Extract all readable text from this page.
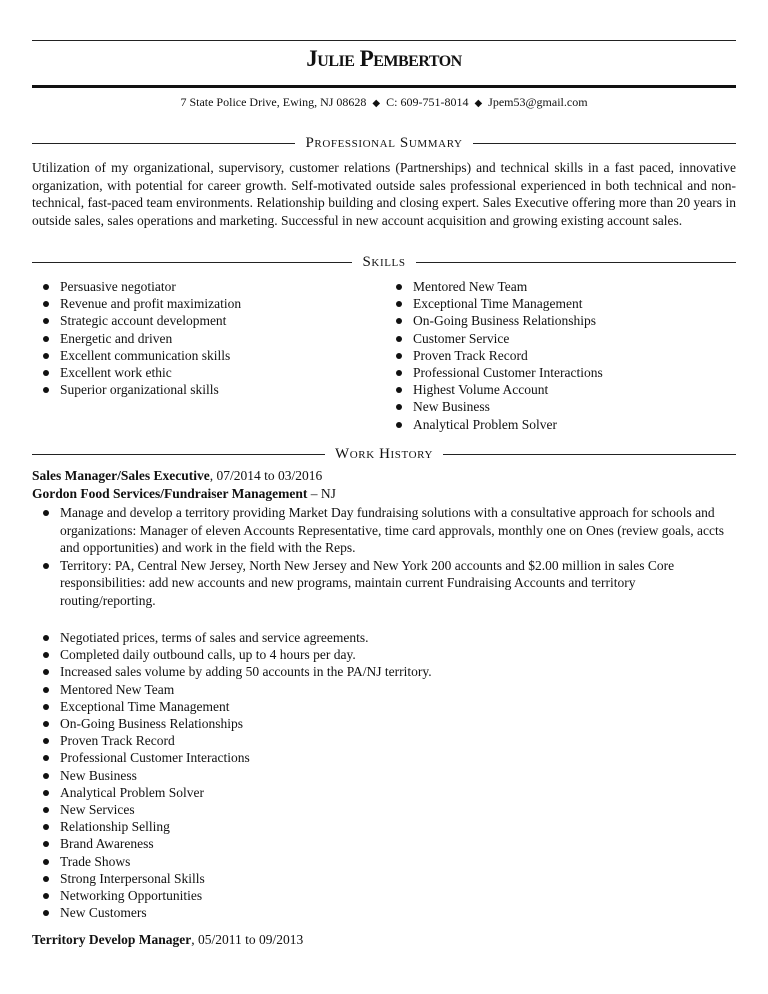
Julie Pemberton
7 State Police Drive, Ewing, NJ 08628 ◆ C: 609-751-8014 ◆ Jpem53@gmail.com
Professional Summary

Utilization of my organizational, supervisory, customer relations (Partnerships) and technical skills in a fast paced, innovative organization, with potential for career growth. Self-motivated outside sales professional experienced in both technical and non-technical, fast-paced team environments. Relationship building and closing expert. Sales Executive offering more than 20 years in outside sales, sales operations and marketing. Successful in new account acquisition and growing existing account sales.

Skills
Persuasive negotiator
Revenue and profit maximization
Strategic account development
Energetic and driven
Excellent communication skills
Excellent work ethic
Superior organizational skills
Mentored New Team
Exceptional Time Management
On-Going Business Relationships
Customer Service
Proven Track Record
Professional Customer Interactions
Highest Volume Account
New Business
Analytical Problem Solver
Work History
Sales Manager/Sales Executive, 07/2014 to 03/2016
Gordon Food Services/Fundraiser Management – NJ
Manage and develop a territory providing Market Day fundraising solutions with a consultative approach for schools and organizations: Manager of eleven Accounts Representative, time card approvals, monthly one on Ones (review goals, accts and opportunities) and work in the field with the Reps.
Territory: PA, Central New Jersey, North New Jersey and New York 200 accounts and $2.00 million in sales Core responsibilities: add new accounts and new programs, maintain current Fundraising Accounts and territory routing/reporting.
Negotiated prices, terms of sales and service agreements.
Completed daily outbound calls, up to 4 hours per day.
Increased sales volume by adding 50 accounts in the PA/NJ territory.
Mentored New Team
Exceptional Time Management
On-Going Business Relationships
Proven Track Record
Professional Customer Interactions
New Business
Analytical Problem Solver
New Services
Relationship Selling
Brand Awareness
Trade Shows
Strong Interpersonal Skills
Networking Opportunities
New Customers
Territory Develop Manager, 05/2011 to 09/2013
